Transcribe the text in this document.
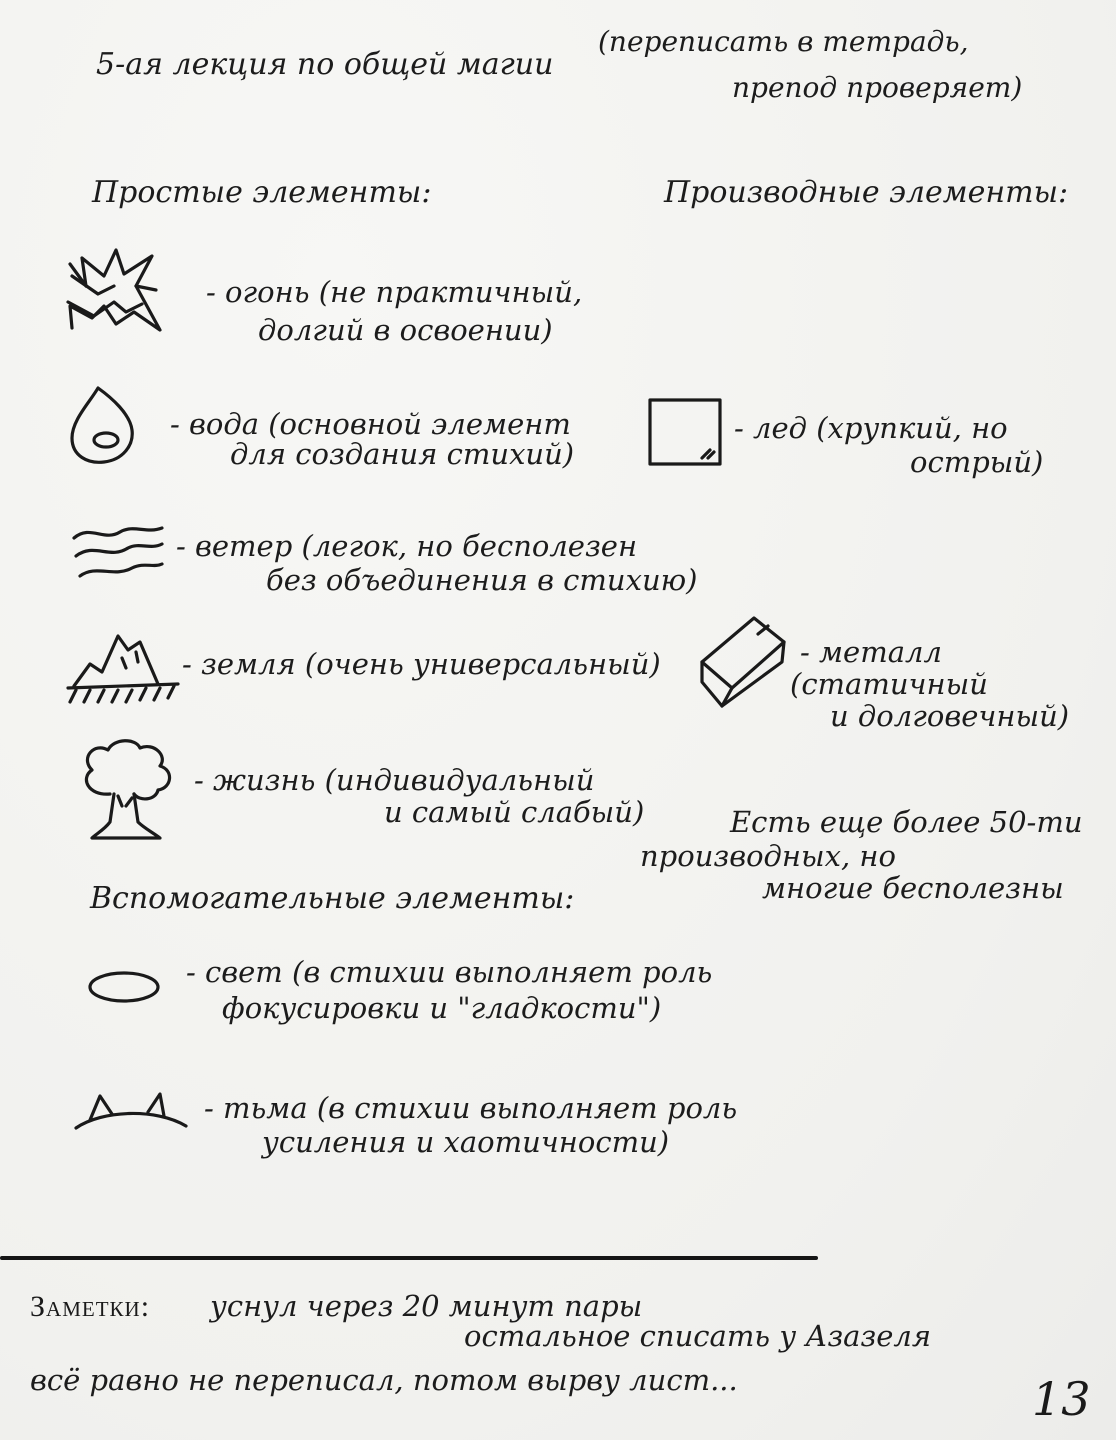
5-ая лекция по общей магии
(переписать в тетрадь,
препод проверяет)
Простые элементы:	Производные элементы:
- огонь (не практичный,
долгий в освоении)
- вода (основной элемент
для создания стихий)
- лед (хрупкий, но
острый)
- ветер (легок, но бесполезен
без объединения в стихию)
- земля (очень универсальный)	- металл
(статичный
и долговечный)
- жизнь (индивидуальный
и самый слабый)	Есть еще более 50-ти
производных, но
многие бесполезны
Вспомогательные элементы:
- свет (в стихии выполняет роль
фокусировки и "гладкости")
- тьма (в стихии выполняет роль
усиления и хаотичности)
Заметки: уснул через 20 минут пары
остальное списать у Азазеля
всё равно не переписал, потом вырву лист...	13
